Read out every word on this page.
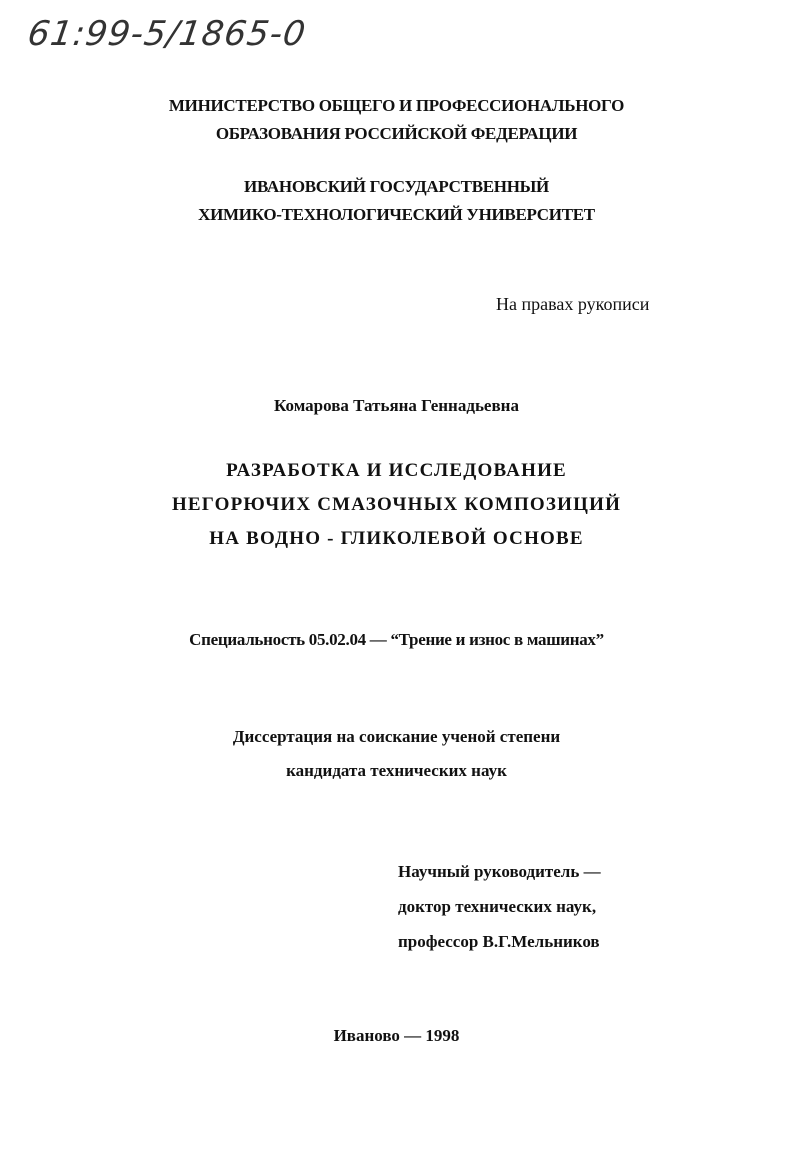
61:99-5/1865-0
МИНИСТЕРСТВО ОБЩЕГО И ПРОФЕССИОНАЛЬНОГО
ОБРАЗОВАНИЯ РОССИЙСКОЙ ФЕДЕРАЦИИ
ИВАНОВСКИЙ ГОСУДАРСТВЕННЫЙ
ХИМИКО-ТЕХНОЛОГИЧЕСКИЙ УНИВЕРСИТЕТ
На правах рукописи
Комарова Татьяна Геннадьевна
РАЗРАБОТКА И ИССЛЕДОВАНИЕ
НЕГОРЮЧИХ СМАЗОЧНЫХ КОМПОЗИЦИЙ
НА ВОДНО - ГЛИКОЛЕВОЙ ОСНОВЕ
Специальность 05.02.04 — “Трение и износ в машинах”
Диссертация на соискание ученой степени
кандидата технических наук
Научный руководитель —
доктор технических наук,
профессор В.Г.Мельников
Иваново — 1998
